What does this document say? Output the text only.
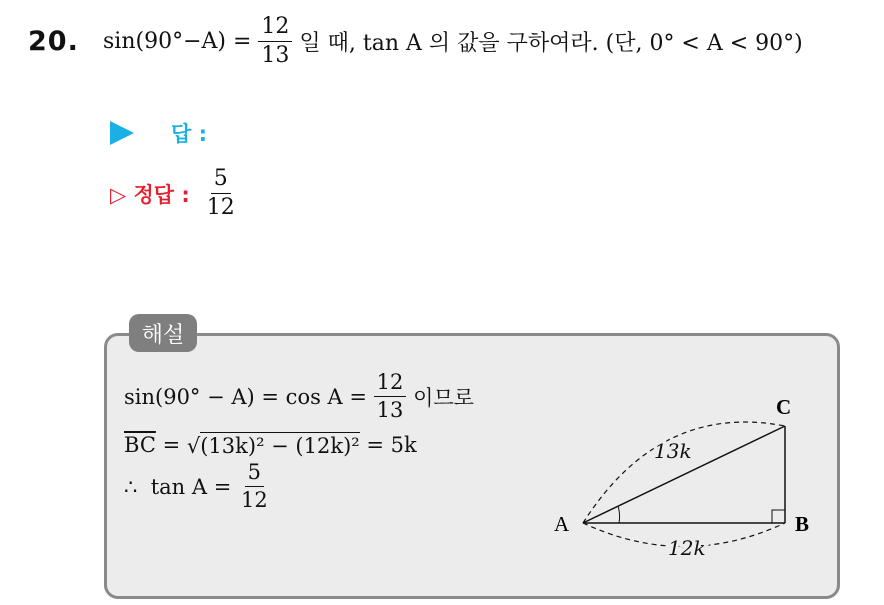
20. $\sin(90^\circ-A) = \frac{12}{13}$ 일 때, tan A 의 값을 구하여라. (단, 0° < A < 90°)
답 :
▷ 정답 : $\frac{5}{12}$
해설
$\sin(90^\circ - A) = \cos A = \frac{12}{13}$ 이므로
$\overline{BC}$ = √ (13k)² − (12k)² = 5k
∴  $\tan A = \frac{5}{12}$
A	B
C
13k
12k
